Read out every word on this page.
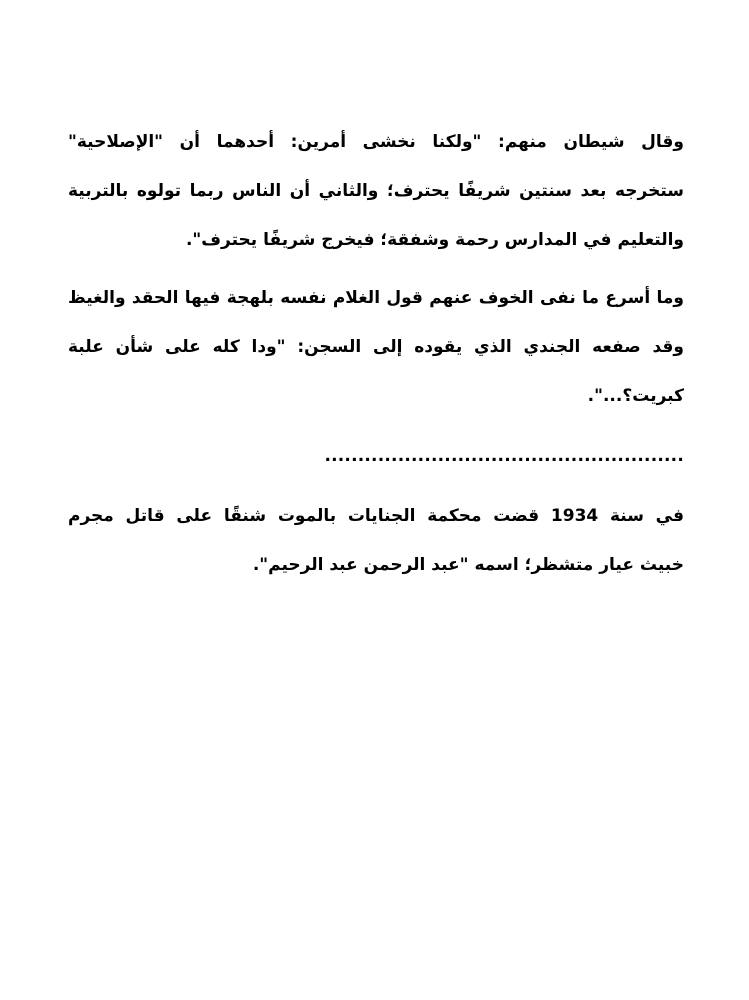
وقال شيطان منهم: "ولكنا نخشى أمرين: أحدهما أن "الإصلاحية"
ستخرجه بعد سنتين شريفًا يحترف؛ والثاني أن الناس ربما تولوه بالتربية
والتعليم في المدارس رحمة وشفقة؛ فيخرج شريفًا يحترف".

وما أسرع ما نفى الخوف عنهم قول الغلام نفسه بلهجة فيها الحقد والغيظ
وقد صفعه الجندي الذي يقوده إلى السجن: "ودا كله على شأن علبة
كبريت؟...".

......................................................

في سنة 1934 قضت محكمة الجنايات بالموت شنقًا على قاتل مجرم
خبيث عيار متشظر؛ اسمه "عبد الرحمن عبد الرحيم".
